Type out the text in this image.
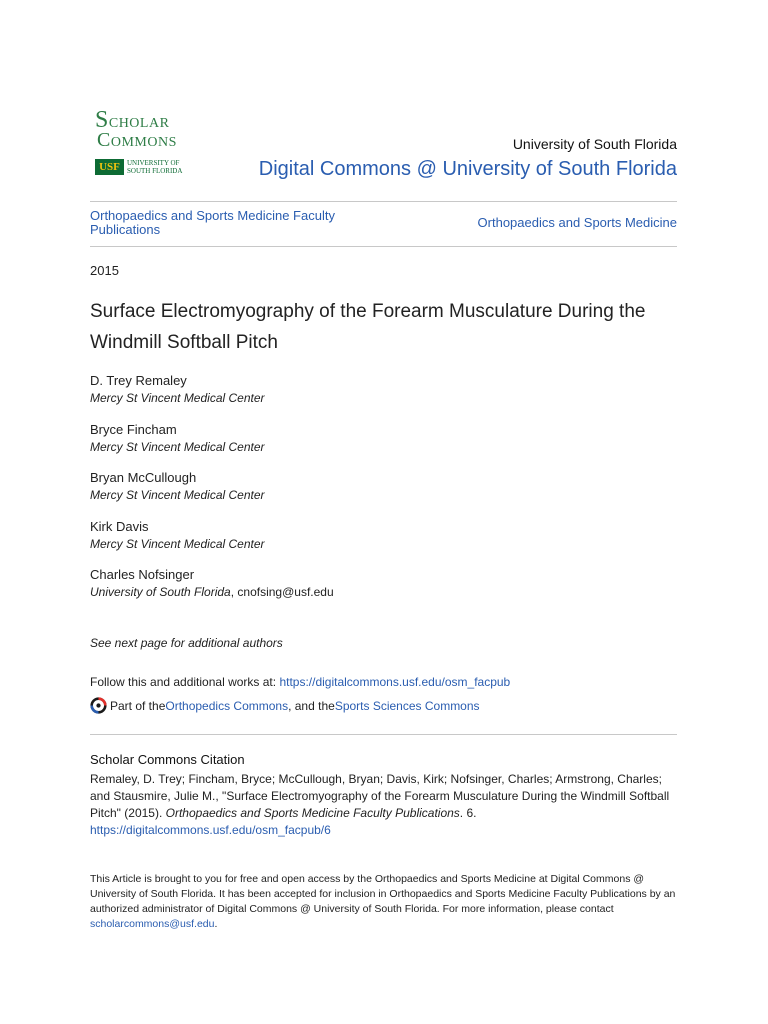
SCHOLAR
COMMONS
USF	UNIVERSITY OF
SOUTH FLORIDA
University of South Florida
Digital Commons @ University of South Florida
Orthopaedics and Sports Medicine Faculty Publications	Orthopaedics and Sports Medicine
2015
Surface Electromyography of the Forearm Musculature During the Windmill Softball Pitch
D. Trey Remaley
Mercy St Vincent Medical Center
Bryce Fincham
Mercy St Vincent Medical Center
Bryan McCullough
Mercy St Vincent Medical Center
Kirk Davis
Mercy St Vincent Medical Center
Charles Nofsinger
University of South Florida, cnofsing@usf.edu
See next page for additional authors
Follow this and additional works at: https://digitalcommons.usf.edu/osm_facpub
Part of the Orthopedics Commons , and the Sports Sciences Commons
Scholar Commons Citation
Remaley, D. Trey; Fincham, Bryce; McCullough, Bryan; Davis, Kirk; Nofsinger, Charles; Armstrong, Charles; and Stausmire, Julie M., "Surface Electromyography of the Forearm Musculature During the Windmill Softball Pitch" (2015). Orthopaedics and Sports Medicine Faculty Publications. 6.
https://digitalcommons.usf.edu/osm_facpub/6
This Article is brought to you for free and open access by the Orthopaedics and Sports Medicine at Digital Commons @ University of South Florida. It has been accepted for inclusion in Orthopaedics and Sports Medicine Faculty Publications by an authorized administrator of Digital Commons @ University of South Florida. For more information, please contact scholarcommons@usf.edu.
